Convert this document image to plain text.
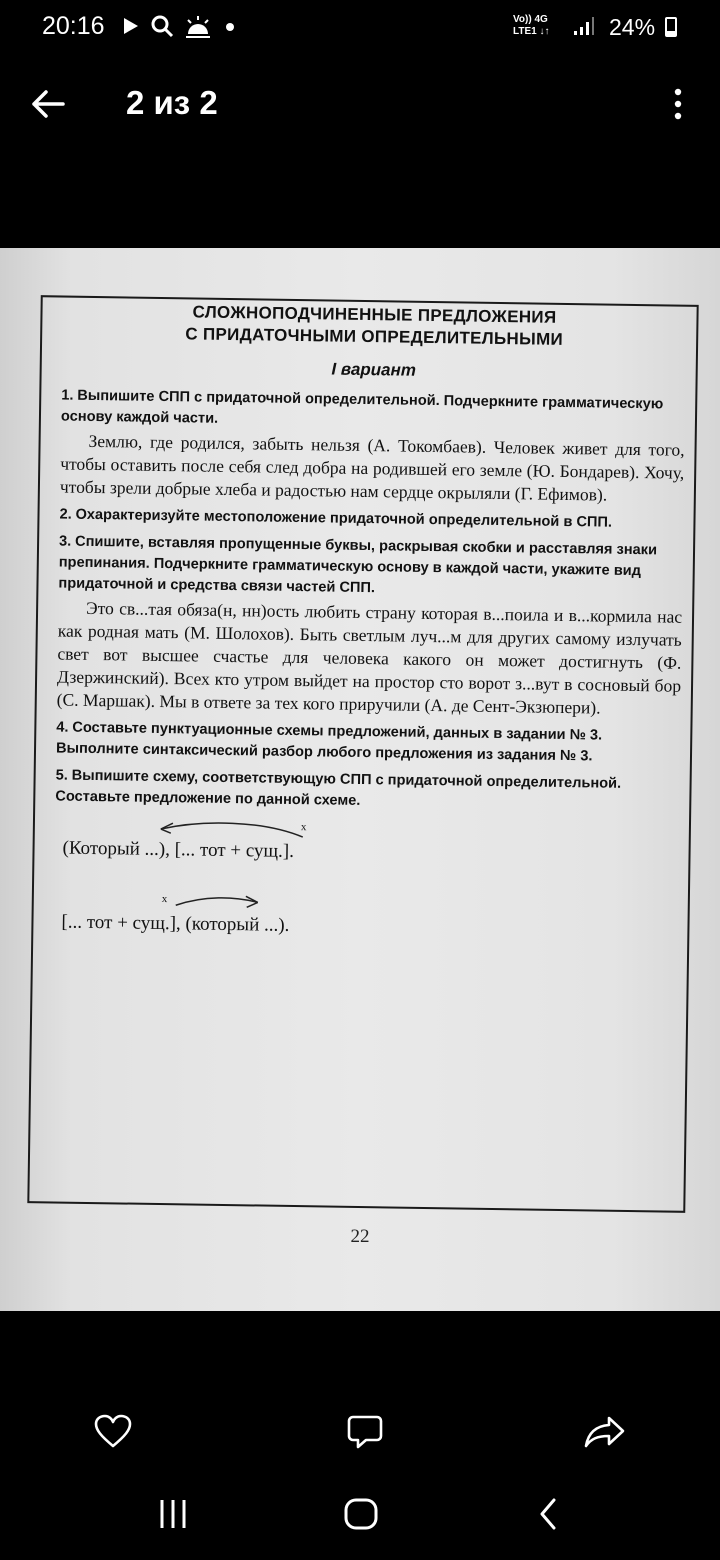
20:16	Vo)) 4G
LTE1 ↓↑	24%
2 из 2
СЛОЖНОПОДЧИНЕННЫЕ ПРЕДЛОЖЕНИЯ
С ПРИДАТОЧНЫМИ ОПРЕДЕЛИТЕЛЬНЫМИ
I вариант
1. Выпишите СПП с придаточной определительной. Подчеркните грамматическую основу каждой части.
Землю, где родился, забыть нельзя (А. Токомбаев). Человек живет для того, чтобы оставить после себя след добра на родившей его земле (Ю. Бондарев). Хочу, чтобы зрели добрые хлеба и радостью нам сердце окрыляли (Г. Ефимов).
2. Охарактеризуйте местоположение придаточной определительной в СПП.
3. Спишите, вставляя пропущенные буквы, раскрывая скобки и расставляя знаки препинания. Подчеркните грамматическую основу в каждой части, укажите вид придаточной и средства связи частей СПП.
Это св...тая обяза(н, нн)ость любить страну которая в...поила и в...кормила нас как родная мать (М. Шолохов). Быть светлым луч...м для других самому излучать свет вот высшее счастье для человека какого он может достигнуть (Ф. Дзержинский). Всех кто утром выйдет на простор сто ворот з...вут в сосновый бор (С. Маршак). Мы в ответе за тех кого приручили (А. де Сент-Экзюпери).
4. Составьте пунктуационные схемы предложений, данных в задании № 3. Выполните синтаксический разбор любого предложения из задания № 3.
5. Выпишите схему, соответствующую СПП с придаточной определительной. Составьте предложение по данной схеме.
x
(Который ...), [... тот + сущ.].
x
[... тот + сущ.], (который ...).
22
